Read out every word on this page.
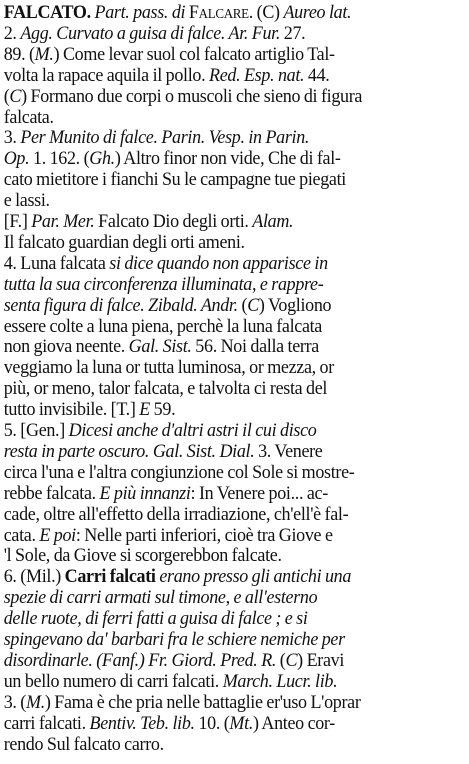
FALCATO. Part. pass. di Falcare. (C) Aureo lat.
2. Agg. Curvato a guisa di falce. Ar. Fur. 27.
89. (M.) Come levar suol col falcato artiglio Tal-
volta la rapace aquila il pollo. Red. Esp. nat. 44.
(C) Formano due corpi o muscoli che sieno di figura
falcata.
3. Per Munito di falce. Parin. Vesp. in Parin.
Op. 1. 162. (Gh.) Altro finor non vide, Che di fal-
cato mietitore i fianchi Su le campagne tue piegati
e lassi.
[F.] Par. Mer. Falcato Dio degli orti. Alam.
Il falcato guardian degli orti ameni.
4. Luna falcata si dice quando non apparisce in
tutta la sua circonferenza illuminata, e rappre-
senta figura di falce. Zibald. Andr. (C) Vogliono
essere colte a luna piena, perchè la luna falcata
non giova neente. Gal. Sist. 56. Noi dalla terra
veggiamo la luna or tutta luminosa, or mezza, or
più, or meno, talor falcata, e talvolta ci resta del
tutto invisibile. [T.] E 59.
5. [Gen.] Dicesi anche d'altri astri il cui disco
resta in parte oscuro. Gal. Sist. Dial. 3. Venere
circa l'una e l'altra congiunzione col Sole si mostre-
rebbe falcata. E più innanzi: In Venere poi... ac-
cade, oltre all'effetto della irradiazione, ch'ell'è fal-
cata. E poi: Nelle parti inferiori, cioè tra Giove e
'l Sole, da Giove si scorgerebbon falcate.
6. (Mil.) Carri falcati erano presso gli antichi una
spezie di carri armati sul timone, e all'esterno
delle ruote, di ferri fatti a guisa di falce ; e si
spingevano da' barbari fra le schiere nemiche per
disordinarle. (Fanf.) Fr. Giord. Pred. R. (C) Eravi
un bello numero di carri falcati. March. Lucr. lib.
3. (M.) Fama è che pria nelle battaglie er'uso L'oprar
carri falcati. Bentiv. Teb. lib. 10. (Mt.) Anteo cor-
rendo Sul falcato carro.
